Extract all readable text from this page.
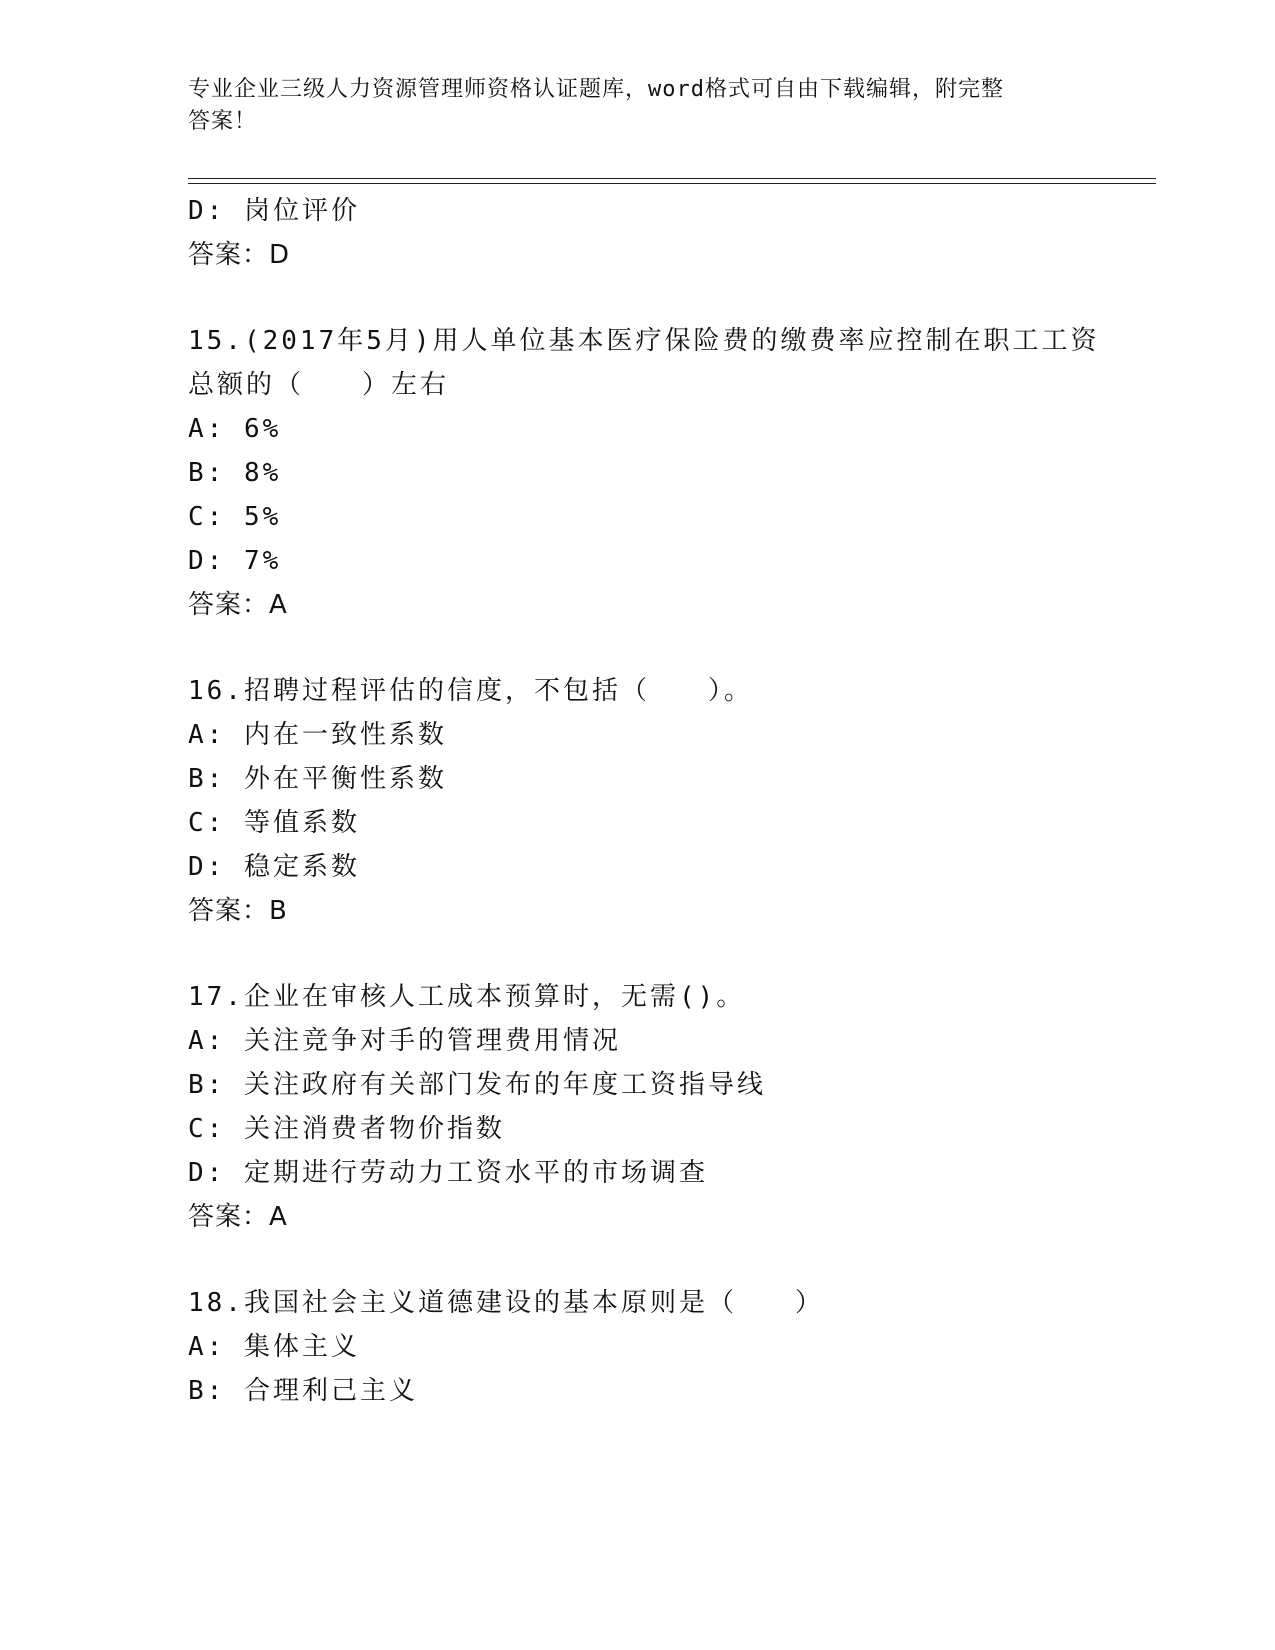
专业企业三级人力资源管理师资格认证题库，word格式可自由下载编辑，附完整
答案！
D: 岗位评价
答案：D
15.(2017年5月)用人单位基本医疗保险费的缴费率应控制在职工工资
总额的（　　）左右
A: 6%
B: 8%
C: 5%
D: 7%
答案：A
16.招聘过程评估的信度，不包括（　　）。
A: 内在一致性系数
B: 外在平衡性系数
C: 等值系数
D: 稳定系数
答案：B
17.企业在审核人工成本预算时，无需()。
A: 关注竞争对手的管理费用情况
B: 关注政府有关部门发布的年度工资指导线
C: 关注消费者物价指数
D: 定期进行劳动力工资水平的市场调查
答案：A
18.我国社会主义道德建设的基本原则是（　　）
A: 集体主义
B: 合理利己主义
